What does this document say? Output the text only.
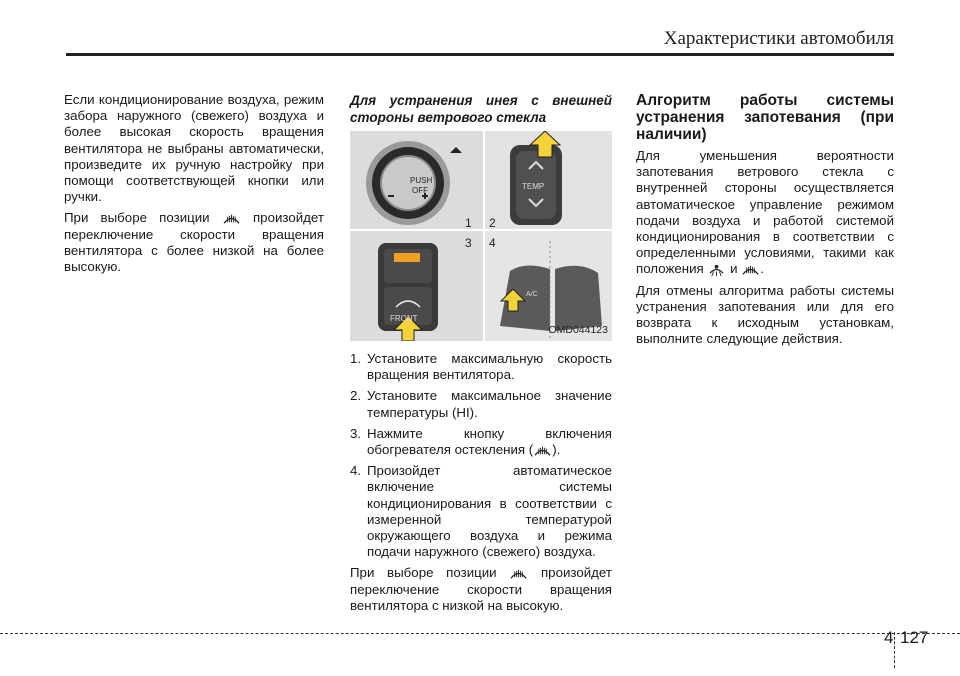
Характеристики автомобиля

Если кондиционирование воздуха, режим забора наружного (свежего) воздуха и более высокая скорость вращения вентилятора не выбраны автоматически, произведите их ручную настройку при помощи соответствующей кнопки или ручки.

При выборе позиции	произойдет переключение скорости вращения вентилятора с более низкой на более высокую.

Для устранения инея с внешней стороны ветрового стекла

PUSH
OFF	TEMP
FRONT
A/C
1 2
3 4
OMD044123
1. Установите максимальную скорость вращения вентилятора.
2. Установите максимальное значение температуры (HI).
3. Нажмите кнопку включения обогревателя остекления ( ).
4. Произойдет автоматическое включение системы кондиционирования в соответствии с измеренной температурой окружающего воздуха и режима подачи наружного (свежего) воздуха.

При выборе позиции	произойдет переключение скорости вращения вентилятора с низкой на высокую.

Алгоритм работы системы устранения запотевания (при наличии)

Для уменьшения вероятности запотевания ветрового стекла с внутренней стороны осуществляется автоматическое управление режимом подачи воздуха и работой системой кондиционирования в соответствии с определенными условиями, такими как положения и .

Для отмены алгоритма работы системы устранения запотевания или для его возврата к исходным установкам, выполните следующие действия.

4 127
